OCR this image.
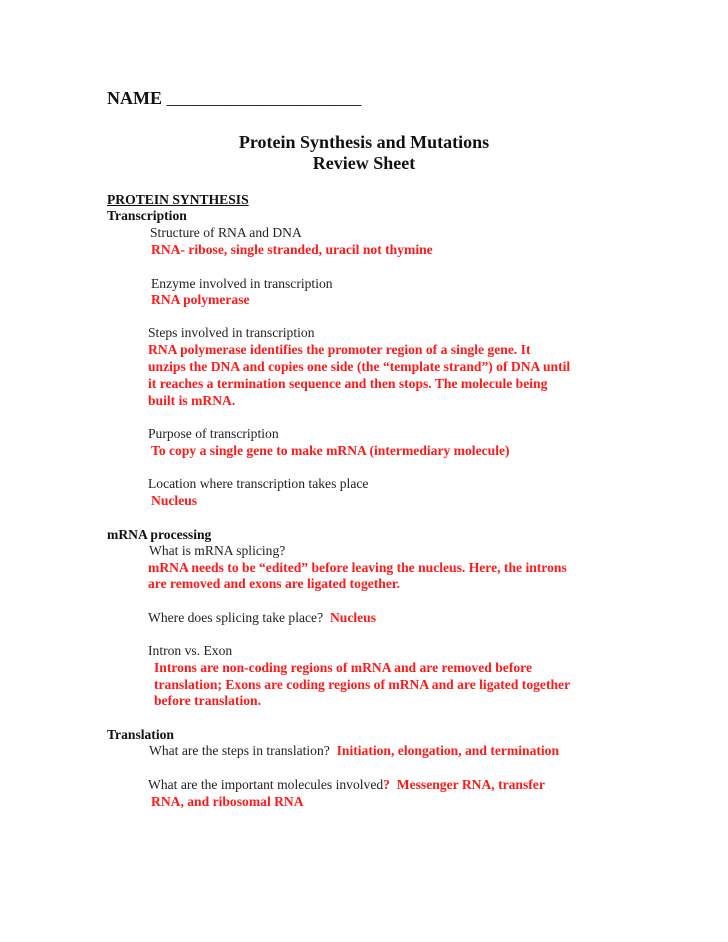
NAME ______________________________
Protein Synthesis and Mutations
Review Sheet
PROTEIN SYNTHESIS
Transcription
Structure of RNA and DNA
RNA- ribose, single stranded, uracil not thymine
Enzyme involved in transcription
RNA polymerase
Steps involved in transcription
RNA polymerase identifies the promoter region of a single gene. It
unzips the DNA and copies one side (the “template strand”) of DNA until
it reaches a termination sequence and then stops. The molecule being
built is mRNA.
Purpose of transcription
To copy a single gene to make mRNA (intermediary molecule)
Location where transcription takes place
Nucleus
mRNA processing
What is mRNA splicing?
mRNA needs to be “edited” before leaving the nucleus. Here, the introns
are removed and exons are ligated together.
Where does splicing take place? Nucleus
Intron vs. Exon
Introns are non-coding regions of mRNA and are removed before
translation; Exons are coding regions of mRNA and are ligated together
before translation.
Translation
What are the steps in translation? Initiation, elongation, and termination
What are the important molecules involved? Messenger RNA, transfer
RNA, and ribosomal RNA
